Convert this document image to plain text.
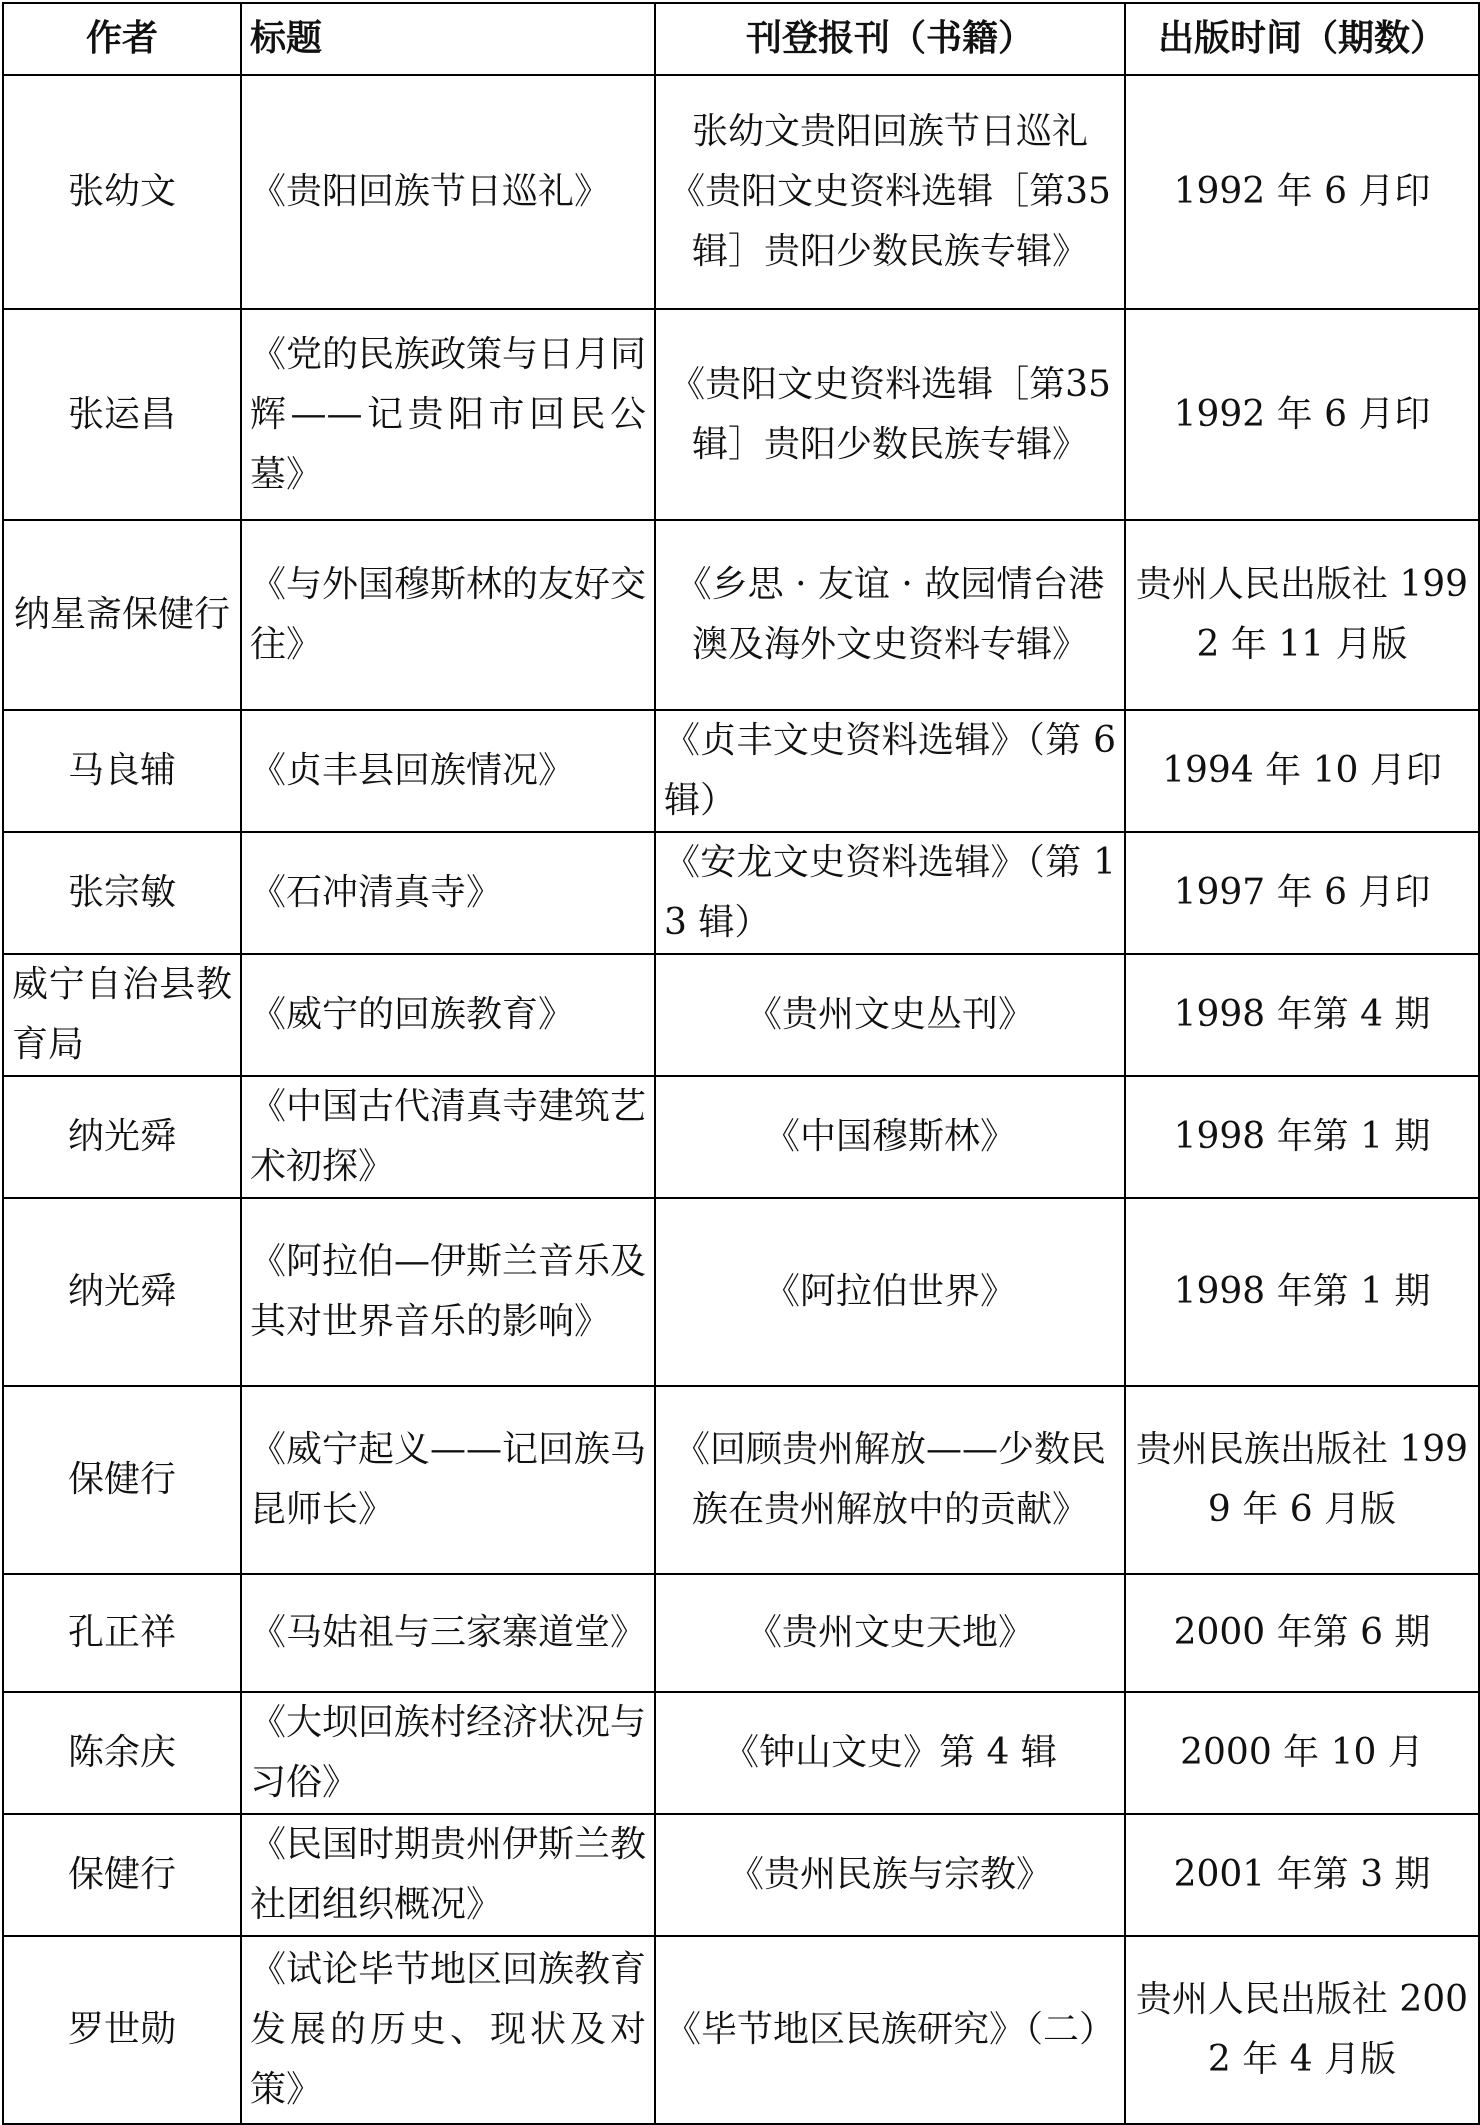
作者	标题	刊登报刊（书籍）	出版时间（期数）
张幼文	《贵阳回族节日巡礼》	张幼文贵阳回族节日巡礼《贵阳文史资料选辑［第35辑］贵阳少数民族专辑》	1992 年 6 月印
张运昌	《党的民族政策与日月同辉——记贵阳市回民公墓》	《贵阳文史资料选辑［第35辑］贵阳少数民族专辑》	1992 年 6 月印
纳星斋保健行	《与外国穆斯林的友好交往》	《乡思 · 友谊 · 故园情台港澳及海外文史资料专辑》	贵州人民出版社 1992 年 11 月版
马良辅	《贞丰县回族情况》	《贞丰文史资料选辑》（第 6 辑）	1994 年 10 月印
张宗敏	《石冲清真寺》	《安龙文史资料选辑》（第 13 辑）	1997 年 6 月印
威宁自治县教育局	《威宁的回族教育》	《贵州文史丛刊》	1998 年第 4 期
纳光舜	《中国古代清真寺建筑艺术初探》	《中国穆斯林》	1998 年第 1 期
纳光舜	《阿拉伯—伊斯兰音乐及其对世界音乐的影响》	《阿拉伯世界》	1998 年第 1 期
保健行	《威宁起义——记回族马昆师长》	《回顾贵州解放——少数民族在贵州解放中的贡献》	贵州民族出版社 1999 年 6 月版
孔正祥	《马姑祖与三家寨道堂》	《贵州文史天地》	2000 年第 6 期
陈余庆	《大坝回族村经济状况与习俗》	《钟山文史》第 4 辑	2000 年 10 月
保健行	《民国时期贵州伊斯兰教社团组织概况》	《贵州民族与宗教》	2001 年第 3 期
罗世勋	《试论毕节地区回族教育发展的历史、现状及对策》	《毕节地区民族研究》（二）	贵州人民出版社 2002 年 4 月版
